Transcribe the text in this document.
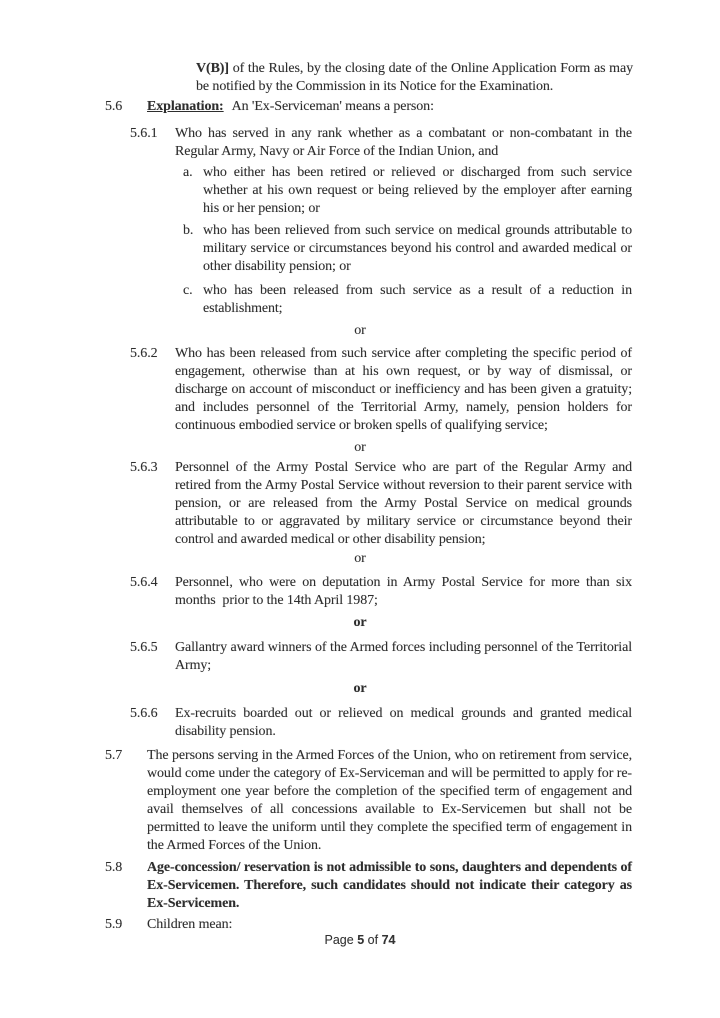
V(B)] of the Rules, by the closing date of the Online Application Form as may be notified by the Commission in its Notice for the Examination.

5.6	Explanation: An 'Ex-Serviceman' means a person:
5.6.1	Who has served in any rank whether as a combatant or non-combatant in the Regular Army, Navy or Air Force of the Indian Union, and
a. who either has been retired or relieved or discharged from such service whether at his own request or being relieved by the employer after earning his or her pension; or
b. who has been relieved from such service on medical grounds attributable to military service or circumstances beyond his control and awarded medical or other disability pension; or
c. who has been released from such service as a result of a reduction in establishment;
or
5.6.2	Who has been released from such service after completing the specific period of engagement, otherwise than at his own request, or by way of dismissal, or discharge on account of misconduct or inefficiency and has been given a gratuity; and includes personnel of the Territorial Army, namely, pension holders for continuous embodied service or broken spells of qualifying service;
or
5.6.3	Personnel of the Army Postal Service who are part of the Regular Army and retired from the Army Postal Service without reversion to their parent service with pension, or are released from the Army Postal Service on medical grounds attributable to or aggravated by military service or circumstance beyond their control and awarded medical or other disability pension;
or
5.6.4	Personnel, who were on deputation in Army Postal Service for more than six months  prior to the 14th April 1987;
or
5.6.5	Gallantry award winners of the Armed forces including personnel of the Territorial Army;
or
5.6.6	Ex-recruits boarded out or relieved on medical grounds and granted medical disability pension.
5.7	The persons serving in the Armed Forces of the Union, who on retirement from service, would come under the category of Ex-Serviceman and will be permitted to apply for re-employment one year before the completion of the specified term of engagement and avail themselves of all concessions available to Ex-Servicemen but shall not be permitted to leave the uniform until they complete the specified term of engagement in the Armed Forces of the Union.
5.8	Age-concession/ reservation is not admissible to sons, daughters and dependents of Ex-Servicemen. Therefore, such candidates should not indicate their category as Ex-Servicemen.
5.9	Children mean:
Page 5 of 74
